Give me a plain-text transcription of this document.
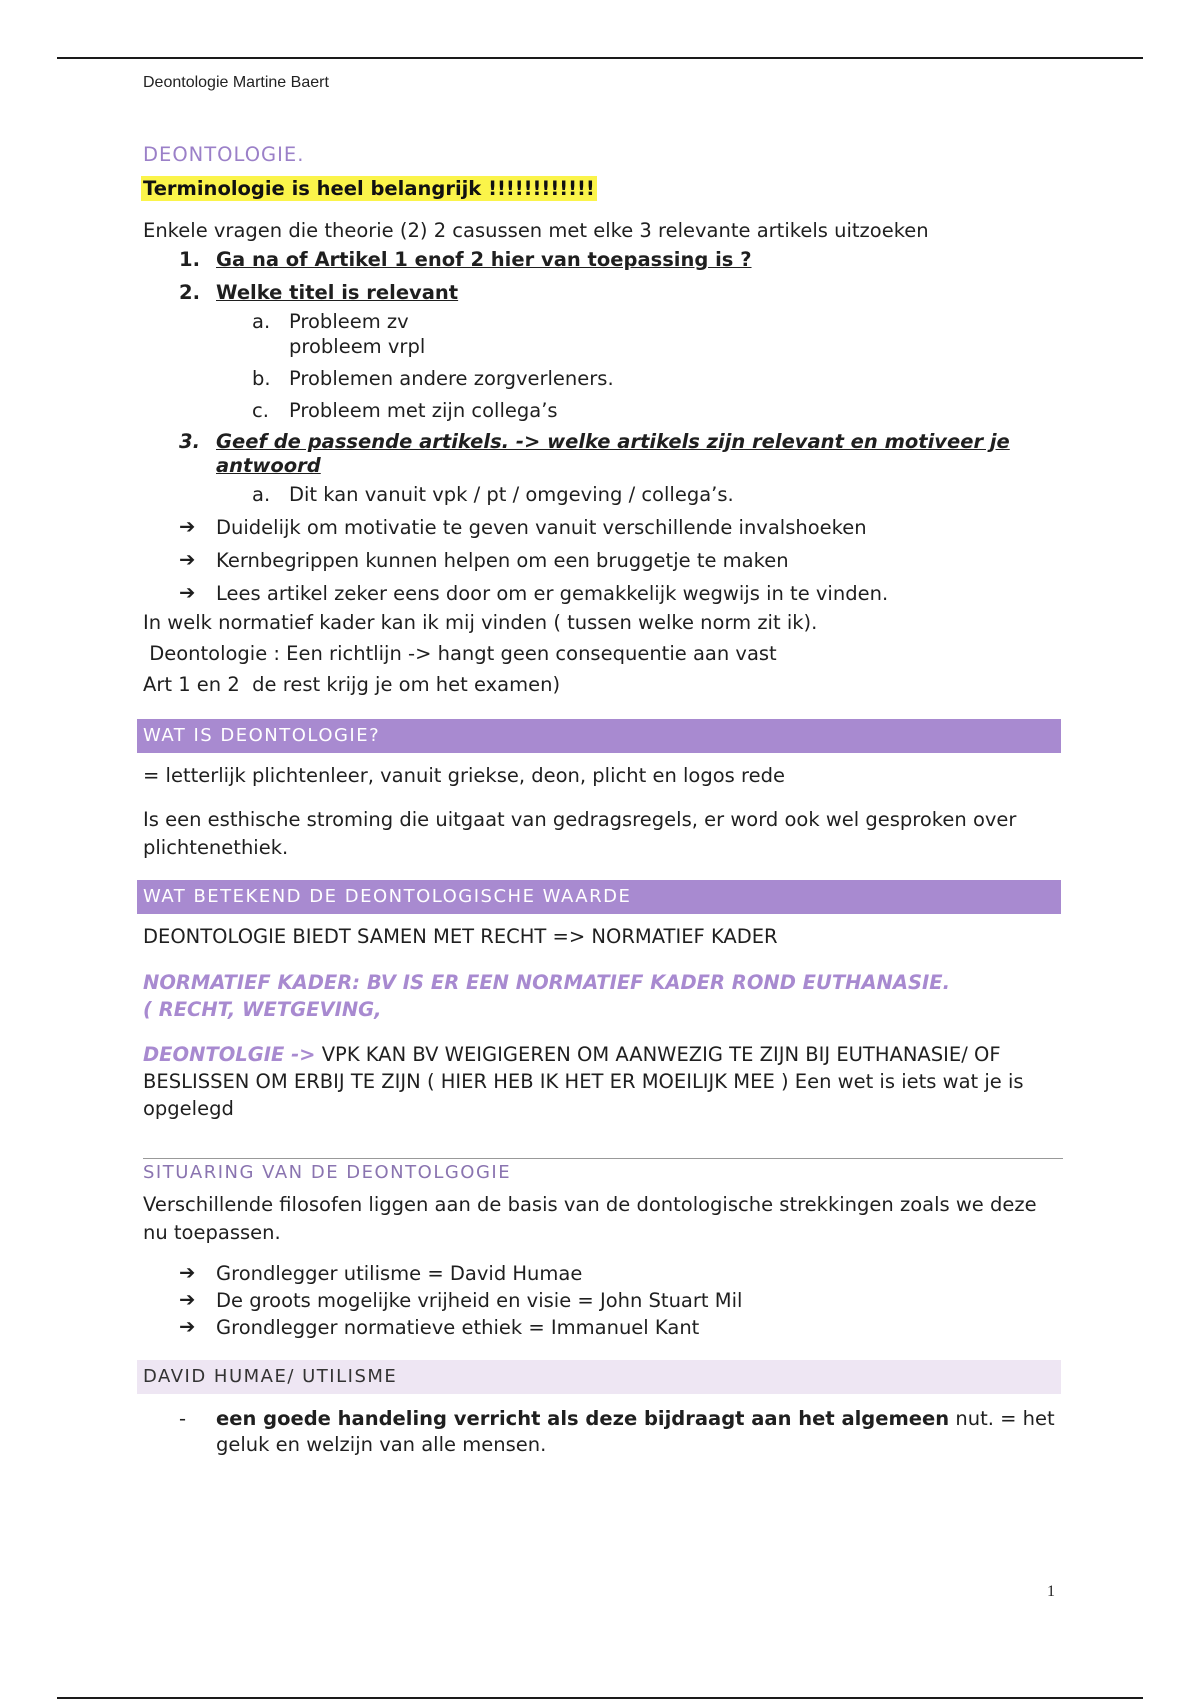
Deontologie Martine Baert

DEONTOLOGIE.

Terminologie is heel belangrijk !!!!!!!!!!!!

Enkele vragen die theorie (2) 2 casussen met elke 3 relevante artikels uitzoeken

1. Ga na of Artikel 1 enof 2 hier van toepassing is ?
2. Welke titel is relevant
a. Probleem zv
probleem vrpl
b. Problemen andere zorgverleners.
c. Probleem met zijn collega’s
3. Geef de passende artikels. -> welke artikels zijn relevant en motiveer je antwoord
a. Dit kan vanuit vpk / pt / omgeving / collega’s.
➔ Duidelijk om motivatie te geven vanuit verschillende invalshoeken
➔ Kernbegrippen kunnen helpen om een bruggetje te maken
➔ Lees artikel zeker eens door om er gemakkelijk wegwijs in te vinden.

In welk normatief kader kan ik mij vinden ( tussen welke norm zit ik).

Deontologie : Een richtlijn -> hangt geen consequentie aan vast

Art 1 en 2  de rest krijg je om het examen)

WAT IS DEONTOLOGIE?

= letterlijk plichtenleer, vanuit griekse, deon, plicht en logos rede

Is een esthische stroming die uitgaat van gedragsregels, er word ook wel gesproken over plichtenethiek.

WAT BETEKEND DE DEONTOLOGISCHE WAARDE

DEONTOLOGIE BIEDT SAMEN MET RECHT => NORMATIEF KADER

NORMATIEF KADER: BV IS ER EEN NORMATIEF KADER ROND EUTHANASIE.
( RECHT, WETGEVING,

DEONTOLGIE -> VPK KAN BV WEIGIGEREN OM AANWEZIG TE ZIJN BIJ EUTHANASIE/ OF BESLISSEN OM ERBIJ TE ZIJN ( HIER HEB IK HET ER MOEILIJK MEE ) Een wet is iets wat je is opgelegd

SITUARING VAN DE DEONTOLGOGIE

Verschillende filosofen liggen aan de basis van de dontologische strekkingen zoals we deze nu toepassen.

➔ Grondlegger utilisme = David Humae
➔ De groots mogelijke vrijheid en visie = John Stuart Mil
➔ Grondlegger normatieve ethiek = Immanuel Kant
DAVID HUMAE/ UTILISME
- een goede handeling verricht als deze bijdraagt aan het algemeen nut. = het geluk en welzijn van alle mensen.
1
